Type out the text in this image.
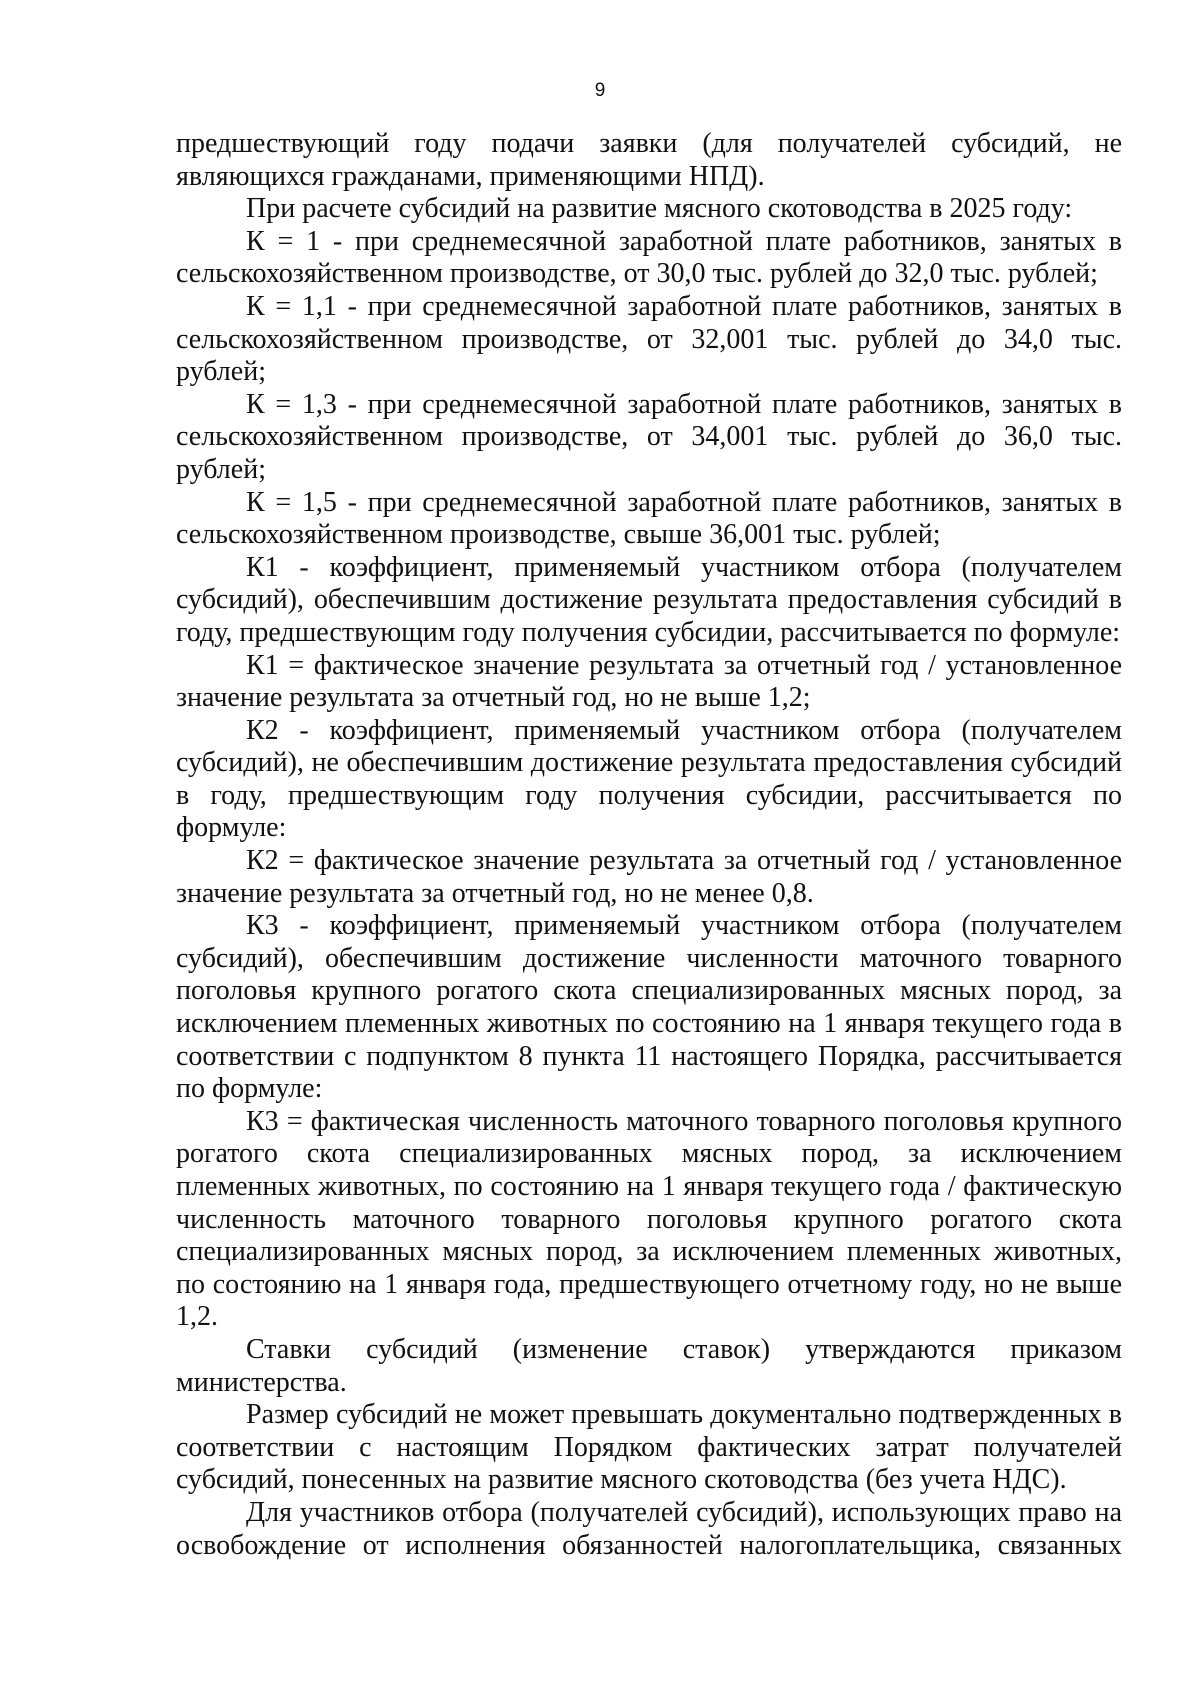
9

предшествующий году подачи заявки (для получателей субсидий, не являющихся гражданами, применяющими НПД).

При расчете субсидий на развитие мясного скотоводства в 2025 году:

К = 1 - при среднемесячной заработной плате работников, занятых в сельскохозяйственном производстве, от 30,0 тыс. рублей до 32,0 тыс. рублей;

К = 1,1 - при среднемесячной заработной плате работников, занятых в сельскохозяйственном производстве, от 32,001 тыс. рублей до 34,0 тыс. рублей;

К = 1,3 - при среднемесячной заработной плате работников, занятых в сельскохозяйственном производстве, от 34,001 тыс. рублей до 36,0 тыс. рублей;

К = 1,5 - при среднемесячной заработной плате работников, занятых в сельскохозяйственном производстве, свыше 36,001 тыс. рублей;

К1 - коэффициент, применяемый участником отбора (получателем субсидий), обеспечившим достижение результата предоставления субсидий в году, предшествующим году получения субсидии, рассчитывается по формуле:

К1 = фактическое значение результата за отчетный год / установленное значение результата за отчетный год, но не выше 1,2;

К2 - коэффициент, применяемый участником отбора (получателем субсидий), не обеспечившим достижение результата предоставления субсидий в году, предшествующим году получения субсидии, рассчитывается по формуле:

К2 = фактическое значение результата за отчетный год / установленное значение результата за отчетный год, но не менее 0,8.

К3 - коэффициент, применяемый участником отбора (получателем субсидий), обеспечившим достижение численности маточного товарного поголовья крупного рогатого скота специализированных мясных пород, за исключением племенных животных по состоянию на 1 января текущего года в соответствии с подпунктом 8 пункта 11 настоящего Порядка, рассчитывается по формуле:

К3 = фактическая численность маточного товарного поголовья крупного рогатого скота специализированных мясных пород, за исключением племенных животных, по состоянию на 1 января текущего года / фактическую численность маточного товарного поголовья крупного рогатого скота специализированных мясных пород, за исключением племенных животных, по состоянию на 1 января года, предшествующего отчетному году, но не выше 1,2.

Ставки субсидий (изменение ставок) утверждаются приказом министерства.

Размер субсидий не может превышать документально подтвержденных в соответствии с настоящим Порядком фактических затрат получателей субсидий, понесенных на развитие мясного скотоводства (без учета НДС).

Для участников отбора (получателей субсидий), использующих право на освобождение от исполнения обязанностей налогоплательщика, связанных
